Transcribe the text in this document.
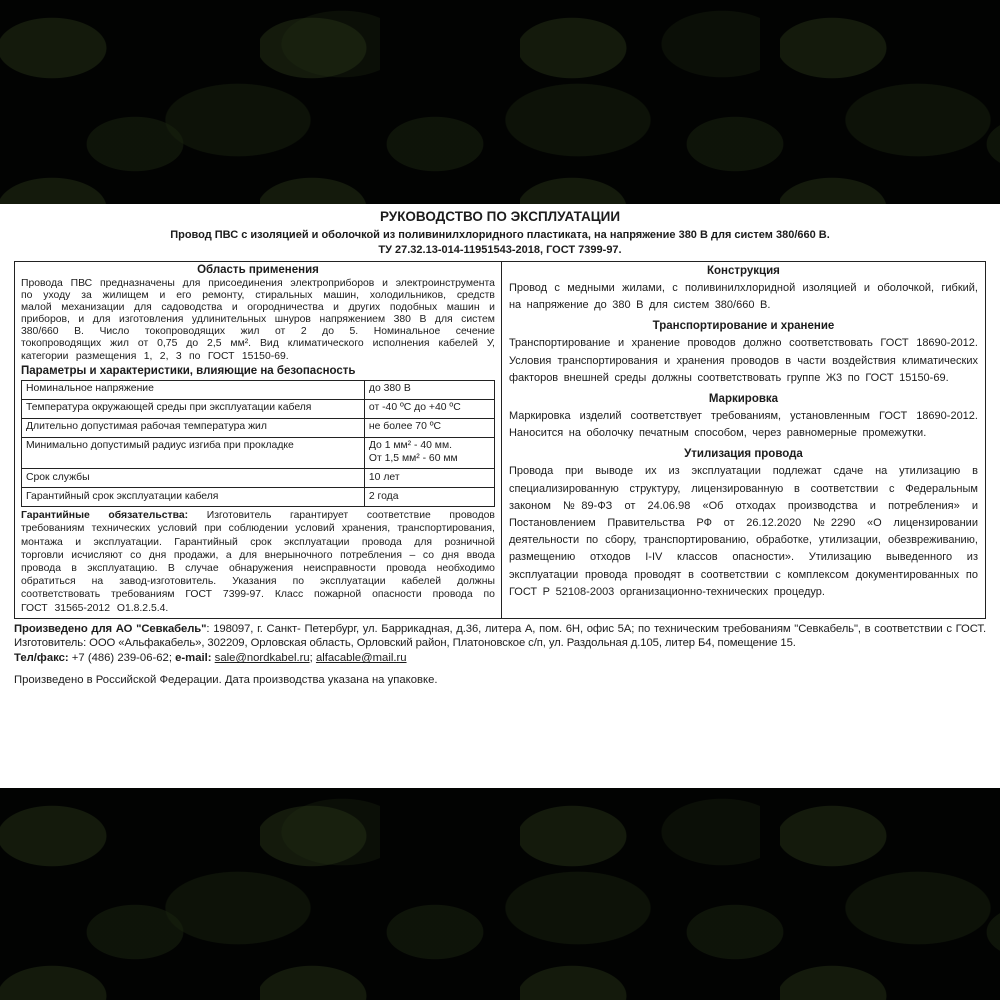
РУКОВОДСТВО ПО ЭКСПЛУАТАЦИИ
Провод ПВС с изоляцией и оболочкой из поливинилхлоридного пластиката, на напряжение 380 В для систем 380/660 В.
ТУ 27.32.13-014-11951543-2018, ГОСТ 7399-97.
Область применения

Провода ПВС предназначены для присоединения электроприборов и электроинструмента по уходу за жилищем и его ремонту, стиральных машин, холодильников, средств малой механизации для садоводства и огородничества и других подобных машин и приборов, и для изготовления удлинительных шнуров напряжением 380 В для систем 380/660 В. Число токопроводящих жил от 2 до 5. Номинальное сечение токопроводящих жил от 0,75 до 2,5 мм². Вид климатического исполнения кабелей У, категории размещения 1, 2, 3 по ГОСТ 15150-69.

Параметры и характеристики, влияющие на безопасность
Номинальное напряжение	до 380 В
Температура окружающей среды при эксплуатации кабеля	от -40 ºС до +40 ºС
Длительно допустимая рабочая температура жил	не более 70 ºС
Минимально допустимый радиус изгиба при прокладке	До 1 мм² - 40 мм.
От 1,5 мм² - 60 мм
Срок службы	10 лет
Гарантийный срок эксплуатации кабеля	2 года

Гарантийные обязательства: Изготовитель гарантирует соответствие проводов требованиям технических условий при соблюдении условий хранения, транспортирования, монтажа и эксплуатации. Гарантийный срок эксплуатации провода для розничной торговли исчисляют со дня продажи, а для внерыночного потребления – со дня ввода провода в эксплуатацию. В случае обнаружения неисправности провода необходимо обратиться на завод-изготовитель. Указания по эксплуатации кабелей должны соответствовать требованиям ГОСТ 7399-97. Класс пожарной опасности провода по ГОСТ 31565-2012 О1.8.2.5.4.

Конструкция

Провод с медными жилами, с поливинилхлоридной изоляцией и оболочкой, гибкий, на напряжение до 380 В для систем 380/660 В.

Транспортирование и хранение

Транспортирование и хранение проводов должно соответствовать ГОСТ 18690-2012. Условия транспортирования и хранения проводов в части воздействия климатических факторов внешней среды должны соответствовать группе Ж3 по ГОСТ 15150-69.

Маркировка

Маркировка изделий соответствует требованиям, установленным ГОСТ 18690-2012. Наносится на оболочку печатным способом, через равномерные промежутки.

Утилизация провода

Провода при выводе их из эксплуатации подлежат сдаче на утилизацию в специализированную структуру, лицензированную в соответствии с Федеральным законом №89-ФЗ от 24.06.98 «Об отходах производства и потребления» и Постановлением Правительства РФ от 26.12.2020 №2290 «О лицензировании деятельности по сбору, транспортированию, обработке, утилизации, обезвреживанию, размещению отходов I-IV классов опасности». Утилизацию выведенного из эксплуатации провода проводят в соответствии с комплексом документированных по ГОСТ Р 52108-2003 организационно-технических процедур.

Произведено для АО "Севкабель": 198097, г. Санкт- Петербург, ул. Баррикадная, д.36, литера А, пом. 6Н, офис 5А; по техническим требованиям "Севкабель", в соответствии с ГОСТ. Изготовитель: ООО «Альфакабель», 302209, Орловская область, Орловский район, Платоновское с/п, ул. Раздольная д.105, литер Б4, помещение 15.

Тел/факс: +7 (486) 239-06-62; e-mail: sale@nordkabel.ru; alfacable@mail.ru

Произведено в Российской Федерации. Дата производства указана на упаковке.
